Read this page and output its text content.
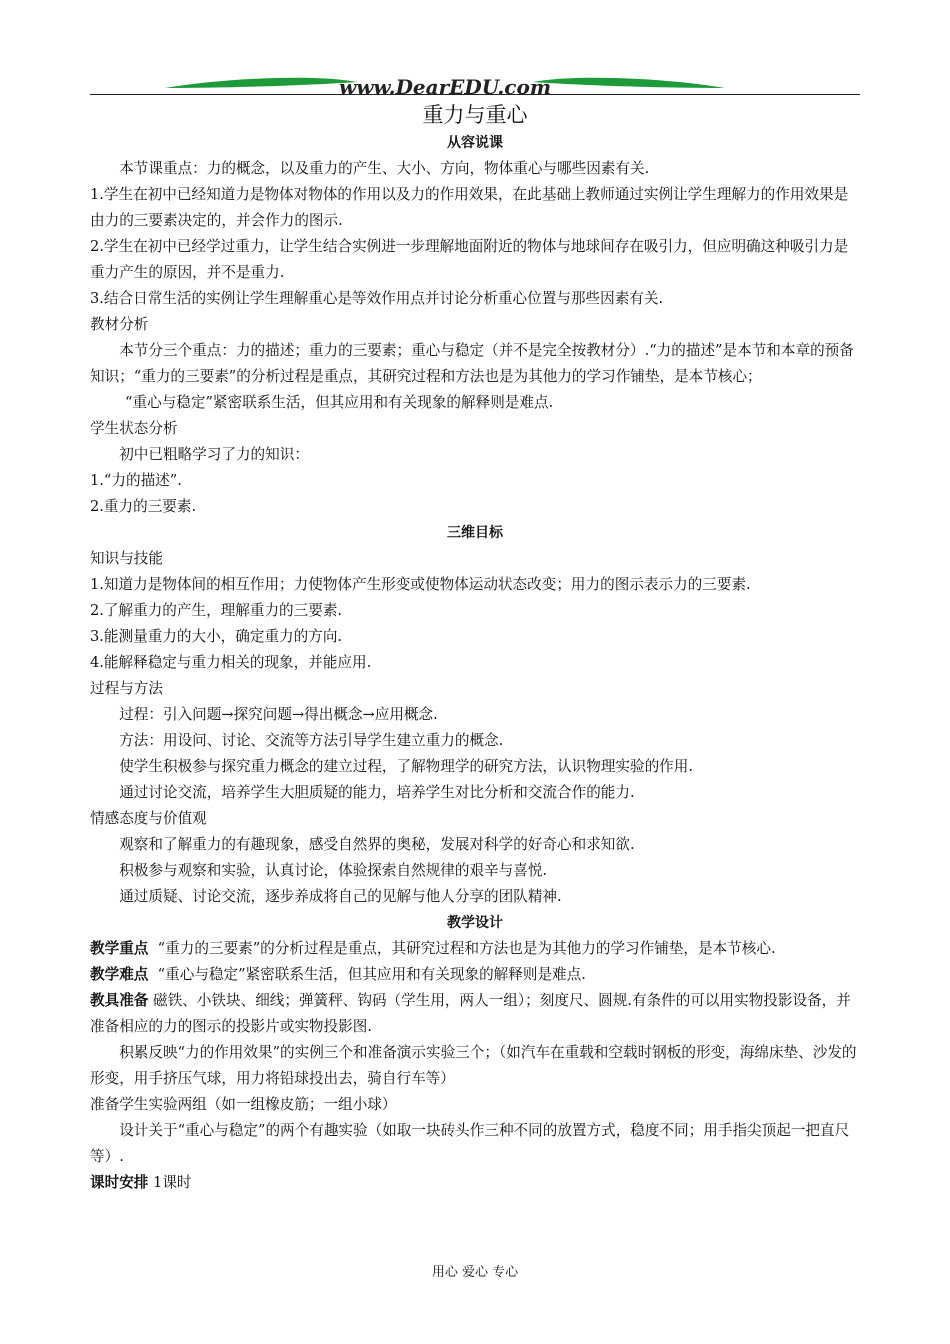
www.DearEDU.com

重力与重心

从容说课

本节课重点：力的概念，以及重力的产生、大小、方向，物体重心与哪些因素有关.

1.学生在初中已经知道力是物体对物体的作用以及力的作用效果，在此基础上教师通过实例让学生理解力的作用效果是由力的三要素决定的，并会作力的图示.

2.学生在初中已经学过重力，让学生结合实例进一步理解地面附近的物体与地球间存在吸引力，但应明确这种吸引力是重力产生的原因，并不是重力.

3.结合日常生活的实例让学生理解重心是等效作用点并讨论分析重心位置与那些因素有关.

教材分析

本节分三个重点：力的描述；重力的三要素；重心与稳定（并不是完全按教材分）.“力的描述”是本节和本章的预备知识；“重力的三要素”的分析过程是重点，其研究过程和方法也是为其他力的学习作铺垫，是本节核心；

“重心与稳定”紧密联系生活，但其应用和有关现象的解释则是难点.

学生状态分析

初中已粗略学习了力的知识：

1.“力的描述”.

2.重力的三要素.

三维目标

知识与技能

1.知道力是物体间的相互作用；力使物体产生形变或使物体运动状态改变；用力的图示表示力的三要素.

2.了解重力的产生，理解重力的三要素.

3.能测量重力的大小，确定重力的方向.

4.能解释稳定与重力相关的现象，并能应用.

过程与方法

过程：引入问题→探究问题→得出概念→应用概念.

方法：用设问、讨论、交流等方法引导学生建立重力的概念.

使学生积极参与探究重力概念的建立过程，了解物理学的研究方法，认识物理实验的作用.

通过讨论交流，培养学生大胆质疑的能力，培养学生对比分析和交流合作的能力.

情感态度与价值观

观察和了解重力的有趣现象，感受自然界的奥秘，发展对科学的好奇心和求知欲.

积极参与观察和实验，认真讨论，体验探索自然规律的艰辛与喜悦.

通过质疑、讨论交流，逐步养成将自己的见解与他人分享的团队精神.

教学设计

教学重点 “重力的三要素”的分析过程是重点，其研究过程和方法也是为其他力的学习作铺垫，是本节核心.

教学难点 “重心与稳定”紧密联系生活，但其应用和有关现象的解释则是难点.

教具准备 磁铁、小铁块、细线；弹簧秤、钩码（学生用，两人一组）；刻度尺、圆规.有条件的可以用实物投影设备，并准备相应的力的图示的投影片或实物投影图.

积累反映“力的作用效果”的实例三个和准备演示实验三个；（如汽车在重载和空载时钢板的形变，海绵床垫、沙发的形变，用手挤压气球，用力将铅球投出去，骑自行车等）

准备学生实验两组（如一组橡皮筋；一组小球）

设计关于“重心与稳定”的两个有趣实验（如取一块砖头作三种不同的放置方式，稳度不同；用手指尖顶起一把直尺等）.

课时安排 1课时

用心 爱心 专心
